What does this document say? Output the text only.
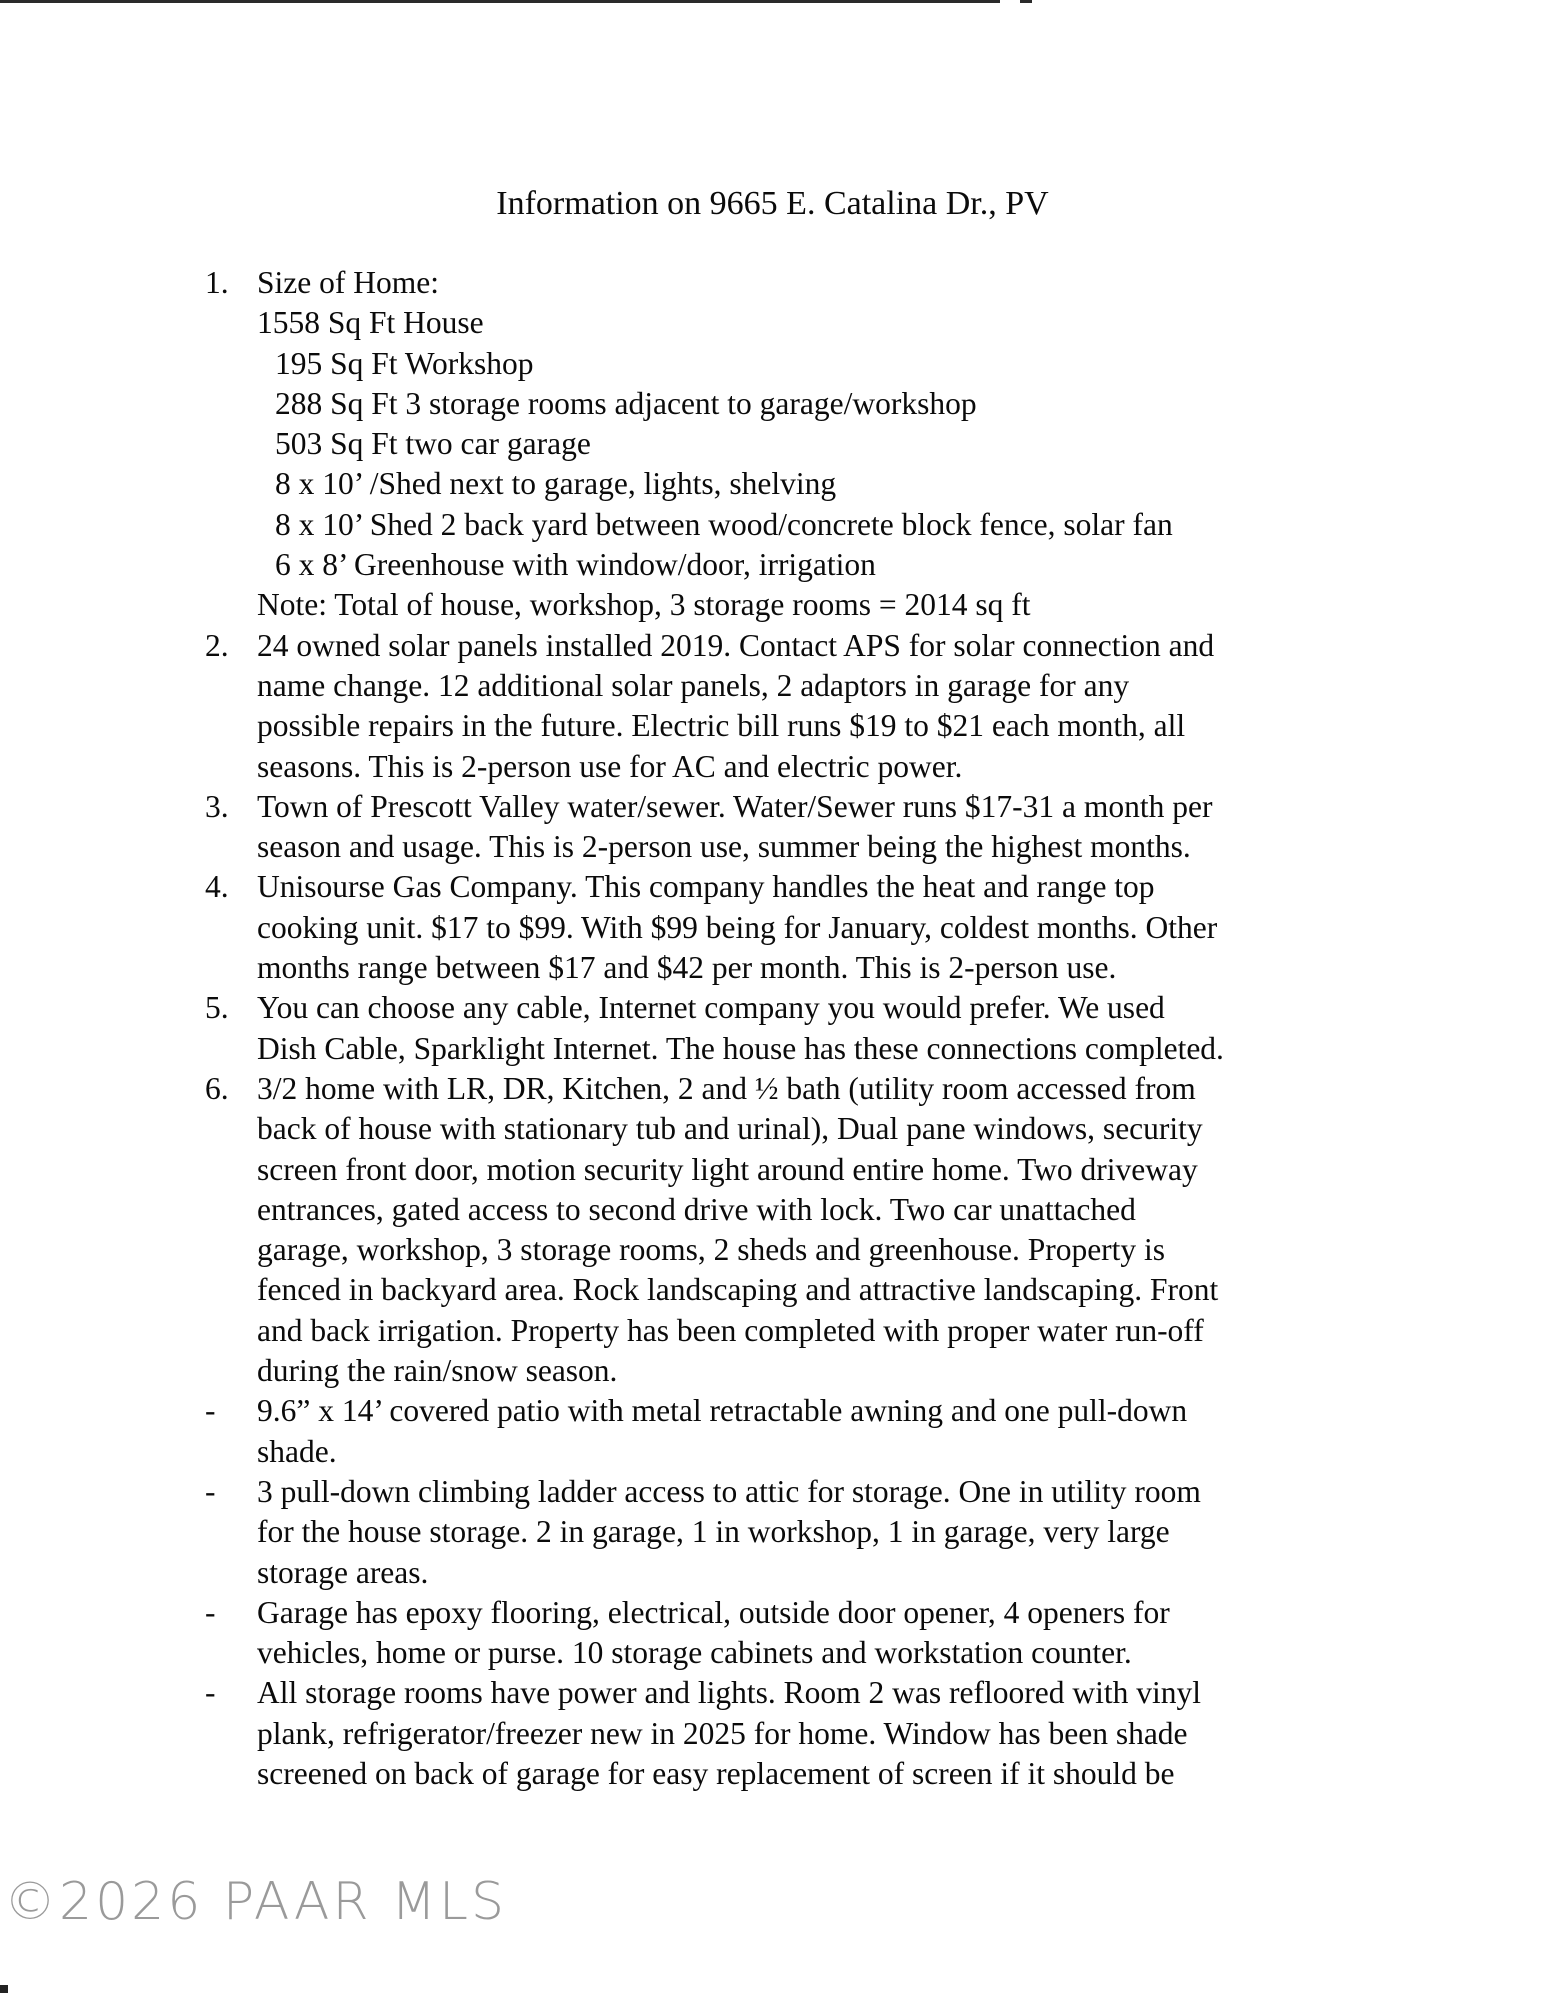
Information on 9665 E. Catalina Dr., PV
1. Size of Home:
1558 Sq Ft House
195 Sq Ft Workshop
288 Sq Ft 3 storage rooms adjacent to garage/workshop
503 Sq Ft two car garage
8 x 10’ /Shed next to garage, lights, shelving
8 x 10’ Shed 2 back yard between wood/concrete block fence, solar fan
6 x 8’ Greenhouse with window/door, irrigation
Note: Total of house, workshop, 3 storage rooms = 2014 sq ft
2. 24 owned solar panels installed 2019. Contact APS for solar connection and
name change. 12 additional solar panels, 2 adaptors in garage for any
possible repairs in the future. Electric bill runs $19 to $21 each month, all
seasons. This is 2-person use for AC and electric power.
3. Town of Prescott Valley water/sewer. Water/Sewer runs $17-31 a month per
season and usage. This is 2-person use, summer being the highest months.
4. Unisourse Gas Company. This company handles the heat and range top
cooking unit. $17 to $99. With $99 being for January, coldest months. Other
months range between $17 and $42 per month. This is 2-person use.
5. You can choose any cable, Internet company you would prefer. We used
Dish Cable, Sparklight Internet. The house has these connections completed.
6. 3/2 home with LR, DR, Kitchen, 2 and ½ bath (utility room accessed from
back of house with stationary tub and urinal), Dual pane windows, security
screen front door, motion security light around entire home. Two driveway
entrances, gated access to second drive with lock. Two car unattached
garage, workshop, 3 storage rooms, 2 sheds and greenhouse. Property is
fenced in backyard area. Rock landscaping and attractive landscaping. Front
and back irrigation. Property has been completed with proper water run-off
during the rain/snow season.
-	9.6” x 14’ covered patio with metal retractable awning and one pull-down
shade.
-	3 pull-down climbing ladder access to attic for storage. One in utility room
for the house storage. 2 in garage, 1 in workshop, 1 in garage, very large
storage areas.
-	Garage has epoxy flooring, electrical, outside door opener, 4 openers for
vehicles, home or purse. 10 storage cabinets and workstation counter.
-	All storage rooms have power and lights. Room 2 was refloored with vinyl
plank, refrigerator/freezer new in 2025 for home. Window has been shade
screened on back of garage for easy replacement of screen if it should be
©2026 PAAR MLS
